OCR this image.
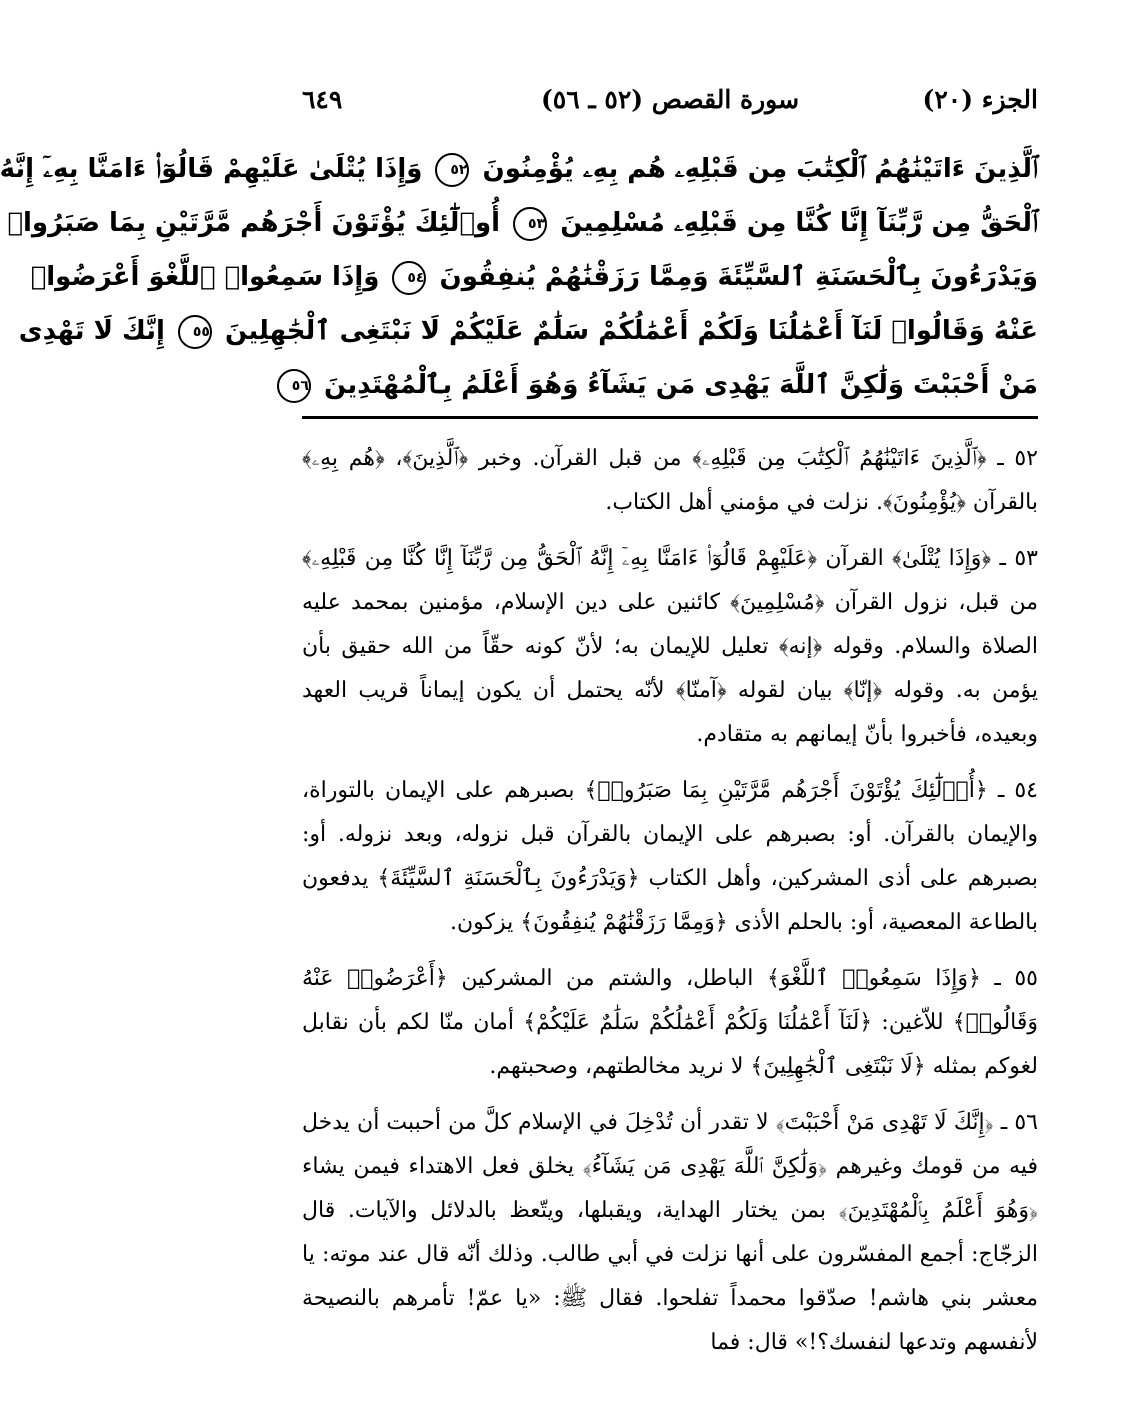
الجزء (٢٠)
سورة القصص (٥٢ ـ ٥٦)
٦٤٩

ٱلَّذِينَ ءَاتَيْنَٰهُمُ ٱلْكِتَٰبَ مِن قَبْلِهِۦ هُم بِهِۦ يُؤْمِنُونَ ٥٢ وَإِذَا يُتْلَىٰ عَلَيْهِمْ قَالُوٓا۟ ءَامَنَّا بِهِۦٓ إِنَّهُ

ٱلْحَقُّ مِن رَّبِّنَآ إِنَّا كُنَّا مِن قَبْلِهِۦ مُسْلِمِينَ ٥٣ أُو۟لَٰٓئِكَ يُؤْتَوْنَ أَجْرَهُم مَّرَّتَيْنِ بِمَا صَبَرُوا۟

وَيَدْرَءُونَ بِٱلْحَسَنَةِ ٱلسَّيِّئَةَ وَمِمَّا رَزَقْنَٰهُمْ يُنفِقُونَ ٥٤ وَإِذَا سَمِعُوا۟ ٱللَّغْوَ أَعْرَضُوا۟

عَنْهُ وَقَالُوا۟ لَنَآ أَعْمَٰلُنَا وَلَكُمْ أَعْمَٰلُكُمْ سَلَٰمٌ عَلَيْكُمْ لَا نَبْتَغِى ٱلْجَٰهِلِينَ ٥٥ إِنَّكَ لَا تَهْدِى

مَنْ أَحْبَبْتَ وَلَٰكِنَّ ٱللَّهَ يَهْدِى مَن يَشَآءُ وَهُوَ أَعْلَمُ بِٱلْمُهْتَدِينَ ٥٦

٥٢ ـ ﴿ٱلَّذِينَ ءَاتَيْنَٰهُمُ ٱلْكِتَٰبَ مِن قَبْلِهِۦ﴾ من قبل القرآن. وخبر ﴿ٱلَّذِينَ﴾، ﴿هُم بِهِۦ﴾ بالقرآن ﴿يُؤْمِنُونَ﴾. نزلت في مؤمني أهل الكتاب.

٥٣ ـ ﴿وَإِذَا يُتْلَىٰ﴾ القرآن ﴿عَلَيْهِمْ قَالُوٓا۟ ءَامَنَّا بِهِۦٓ إِنَّهُ ٱلْحَقُّ مِن رَّبِّنَآ إِنَّا كُنَّا مِن قَبْلِهِۦ﴾ من قبل، نزول القرآن ﴿مُسْلِمِينَ﴾ كائنين على دين الإسلام، مؤمنين بمحمد عليه الصلاة والسلام. وقوله ﴿إنه﴾ تعليل للإيمان به؛ لأنّ كونه حقّاً من الله حقيق بأن يؤمن به. وقوله ﴿إنّا﴾ بيان لقوله ﴿آمنّا﴾ لأنّه يحتمل أن يكون إيماناً قريب العهد وبعيده، فأخبروا بأنّ إيمانهم به متقادم.

٥٤ ـ ﴿أُو۟لَٰٓئِكَ يُؤْتَوْنَ أَجْرَهُم مَّرَّتَيْنِ بِمَا صَبَرُوا۟﴾ بصبرهم على الإيمان بالتوراة، والإيمان بالقرآن. أو: بصبرهم على الإيمان بالقرآن قبل نزوله، وبعد نزوله. أو: بصبرهم على أذى المشركين، وأهل الكتاب ﴿وَيَدْرَءُونَ بِٱلْحَسَنَةِ ٱلسَّيِّئَةَ﴾ يدفعون بالطاعة المعصية، أو: بالحلم الأذى ﴿وَمِمَّا رَزَقْنَٰهُمْ يُنفِقُونَ﴾ يزكون.

٥٥ ـ ﴿وَإِذَا سَمِعُوا۟ ٱللَّغْوَ﴾ الباطل، والشتم من المشركين ﴿أَعْرَضُوا۟ عَنْهُ وَقَالُوا۟﴾ للاّغين: ﴿لَنَآ أَعْمَٰلُنَا وَلَكُمْ أَعْمَٰلُكُمْ سَلَٰمٌ عَلَيْكُمْ﴾ أمان منّا لكم بأن نقابل لغوكم بمثله ﴿لَا نَبْتَغِى ٱلْجَٰهِلِينَ﴾ لا نريد مخالطتهم، وصحبتهم.

٥٦ ـ ﴿إِنَّكَ لَا تَهْدِى مَنْ أَحْبَبْتَ﴾ لا تقدر أن تُدْخِلَ في الإسلام كلَّ من أحببت أن يدخل فيه من قومك وغيرهم ﴿وَلَٰكِنَّ ٱللَّهَ يَهْدِى مَن يَشَآءُ﴾ يخلق فعل الاهتداء فيمن يشاء ﴿وَهُوَ أَعْلَمُ بِٱلْمُهْتَدِينَ﴾ بمن يختار الهداية، ويقبلها، ويتّعظ بالدلائل والآيات. قال الزجّاج: أجمع المفسّرون على أنها نزلت في أبي طالب. وذلك أنّه قال عند موته: يا معشر بني هاشم! صدّقوا محمداً تفلحوا. فقال ﷺ: «يا عمّ! تأمرهم بالنصيحة لأنفسهم وتدعها لنفسك؟!» قال: فما
